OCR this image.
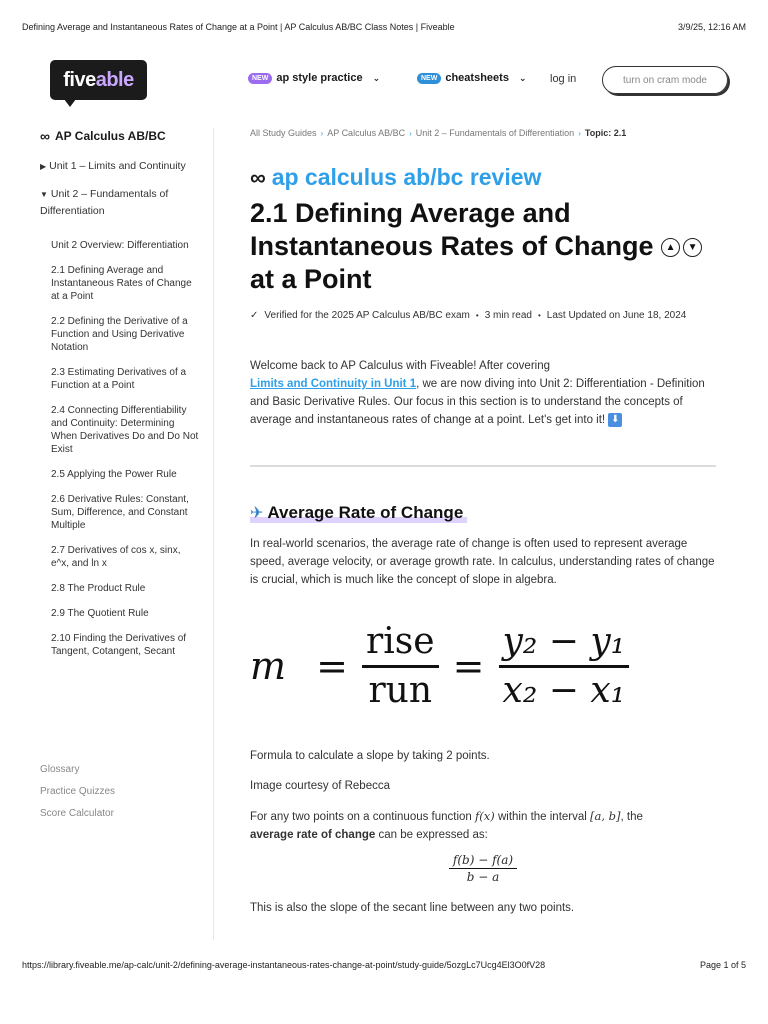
Defining Average and Instantaneous Rates of Change at a Point | AP Calculus AB/BC Class Notes | Fiveable	3/9/25, 12:16 AM
fiveable	NEW ap style practice ⌄	NEW cheatsheets ⌄ log in	turn on cram mode
∞ AP Calculus AB/BC
▶ Unit 1 – Limits and Continuity
▼ Unit 2 – Fundamentals of Differentiation
Unit 2 Overview: Differentiation
2.1 Defining Average and Instantaneous Rates of Change at a Point
2.2 Defining the Derivative of a Function and Using Derivative Notation
2.3 Estimating Derivatives of a Function at a Point
2.4 Connecting Differentiability and Continuity: Determining When Derivatives Do and Do Not Exist
2.5 Applying the Power Rule
2.6 Derivative Rules: Constant, Sum, Difference, and Constant Multiple
2.7 Derivatives of cos x, sinx, e^x, and ln x
2.8 The Product Rule
2.9 The Quotient Rule
2.10 Finding the Derivatives of Tangent, Cotangent, Secant
Glossary
Practice Quizzes
Score Calculator
All Study Guides › AP Calculus AB/BC › Unit 2 – Fundamentals of Differentiation › Topic: 2.1
∞ ap calculus ab/bc review
2.1 Defining Average and Instantaneous Rates of Change	▲	▼
at a Point
✓ Verified for the 2025 AP Calculus AB/BC exam • 3 min read • Last Updated on June 18, 2024

Welcome back to AP Calculus with Fiveable! After covering
Limits and Continuity in Unit 1, we are now diving into Unit 2: Differentiation - Definition and Basic Derivative Rules. Our focus in this section is to understand the concepts of average and instantaneous rates of change at a point. Let's get into it! ⬇

✈ Average Rate of Change

In real-world scenarios, the average rate of change is often used to represent average speed, average velocity, or average growth rate. In calculus, understanding rates of change is crucial, which is much like the concept of slope in algebra.

$m = \frac{\text{rise}}{\text{run}} = \frac{\text{y₂ − y₁}}{\text{x₂ − x₁}}$

Formula to calculate a slope by taking 2 points.

Image courtesy of Rebecca

For any two points on a continuous function f(x) within the interval [a, b], the
average rate of change can be expressed as:

$\frac{f(b) - f(a)}{b - a}$

This is also the slope of the secant line between any two points.

https://library.fiveable.me/ap-calc/unit-2/defining-average-instantaneous-rates-change-at-point/study-guide/5ozgLc7Ucg4El3O0fV28	Page 1 of 5
